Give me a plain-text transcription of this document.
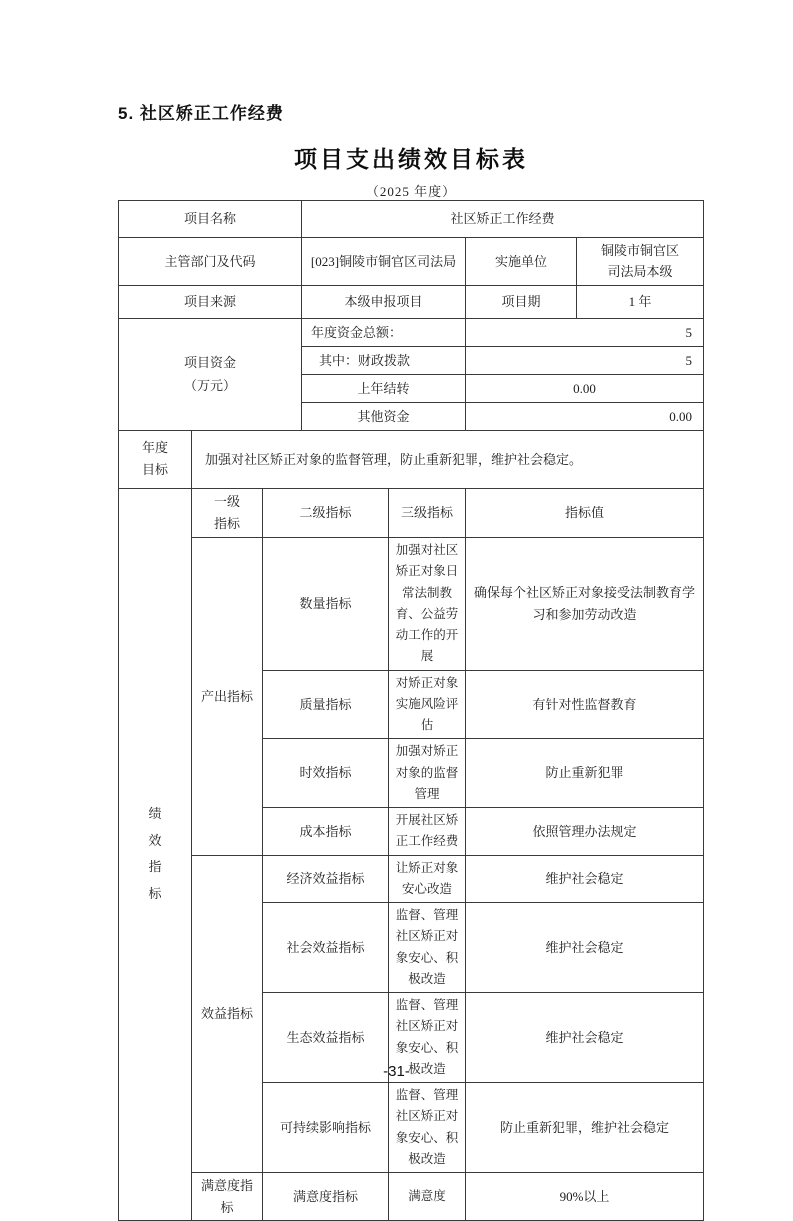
5. 社区矫正工作经费
项目支出绩效目标表
（2025 年度）
项目名称			社区矫正工作经费			
主管部门及代码			[023]铜陵市铜官区司法局		实施单位	铜陵市铜官区司法局本级
项目来源			本级申报项目		项目期	1 年

项目资金
（万元）			年度资金总额：		5	
			其中：财政拨款		5	
			上年结转		0.00	
			其他资金		0.00	
年度目标	加强对社区矫正对象的监督管理，防止重新犯罪，维护社会稳定。					
绩效指标	一级指标	二级指标		三级指标	指标值	
	产出指标	数量指标		加强对社区矫正对象日常法制教育、公益劳动工作的开展	确保每个社区矫正对象接受法制教育学习和参加劳动改造	
		质量指标		对矫正对象实施风险评估	有针对性监督教育	
		时效指标		加强对矫正对象的监督管理	防止重新犯罪	
		成本指标		开展社区矫正工作经费	依照管理办法规定	
	效益指标	经济效益指标		让矫正对象安心改造	维护社会稳定	
		社会效益指标		监督、管理社区矫正对象安心、积极改造	维护社会稳定	
		生态效益指标		监督、管理社区矫正对象安心、积极改造	维护社会稳定	
		可持续影响指标		监督、管理社区矫正对象安心、积极改造	防止重新犯罪，维护社会稳定	
	满意度指标	满意度指标		满意度	90%以上	
-31-
